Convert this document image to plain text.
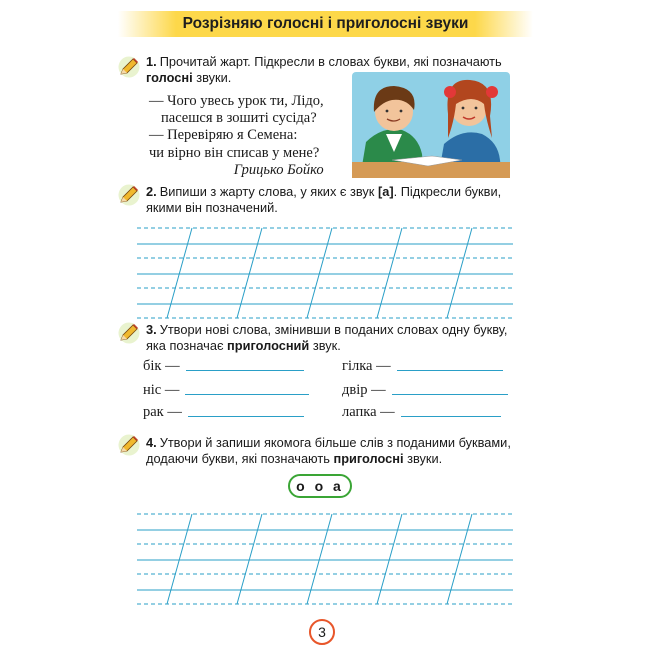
Розрізняю голосні і приголосні звуки
1. Прочитай жарт. Підкресли в словах букви, які позначають
голосні звуки.
— Чого увесь урок ти, Лідо,
пасешся в зошиті сусіда?
— Перевіряю я Семена:
чи вірно він списав у мене?
Грицько Бойко
2. Випиши з жарту слова, у яких є звук [а]. Підкресли букви,
якими він позначений.
3. Утвори нові слова, змінивши в поданих словах одну букву,
яка позначає приголосний звук.
бік —
ніс —
рак —
гілка —
двір —
лапка —
4. Утвори й запиши якомога більше слів з поданими буквами,
додаючи букви, які позначають приголосні звуки.
о о а
3
